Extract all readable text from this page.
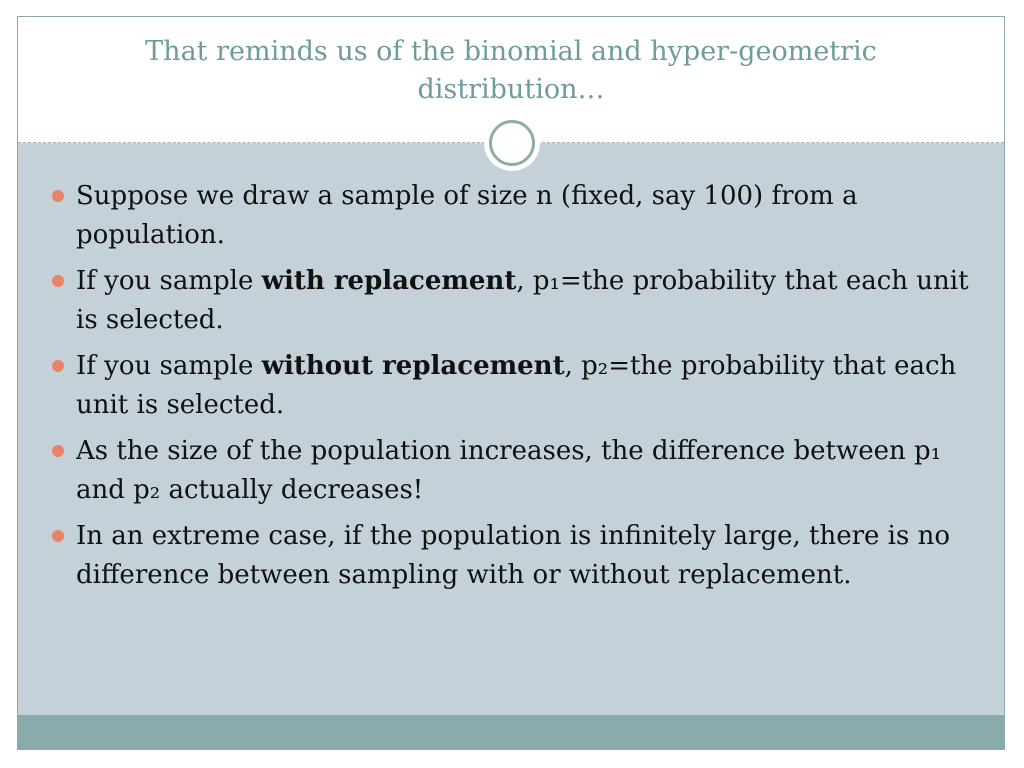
That reminds us of the binomial and hyper-geometric distribution…
Suppose we draw a sample of size n (fixed, say 100) from a population.
If you sample with replacement, p₁=the probability that each unit is selected.
If you sample without replacement, p₂=the probability that each unit is selected.
As the size of the population increases, the difference between p₁ and p₂ actually decreases!
In an extreme case, if the population is infinitely large, there is no difference between sampling with or without replacement.
